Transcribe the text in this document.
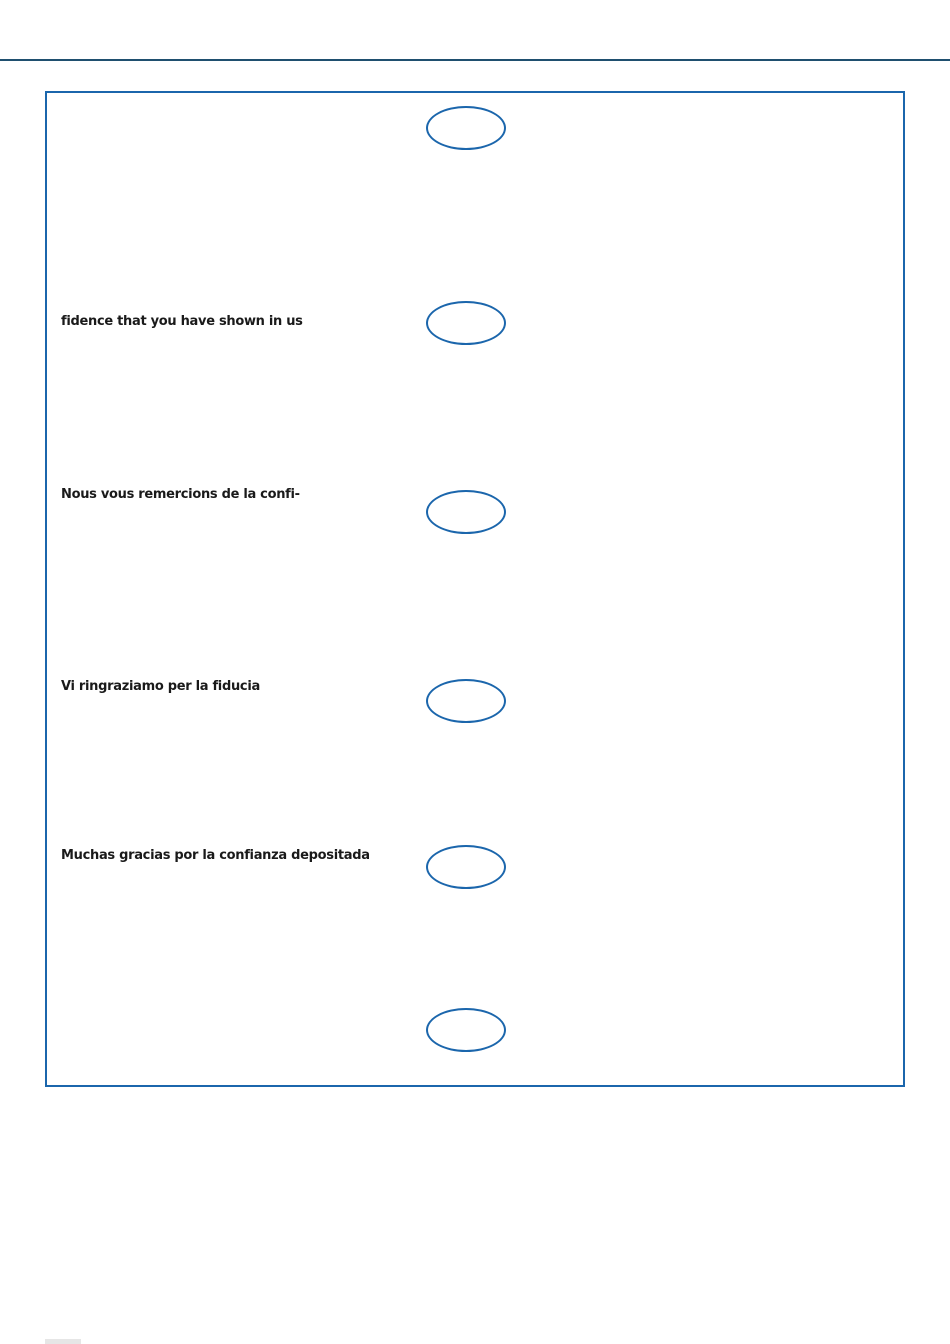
fidence that you have shown in us
Nous vous remercions de la confi-
Vi ringraziamo per la fiducia
Muchas gracias por la confianza depositada
